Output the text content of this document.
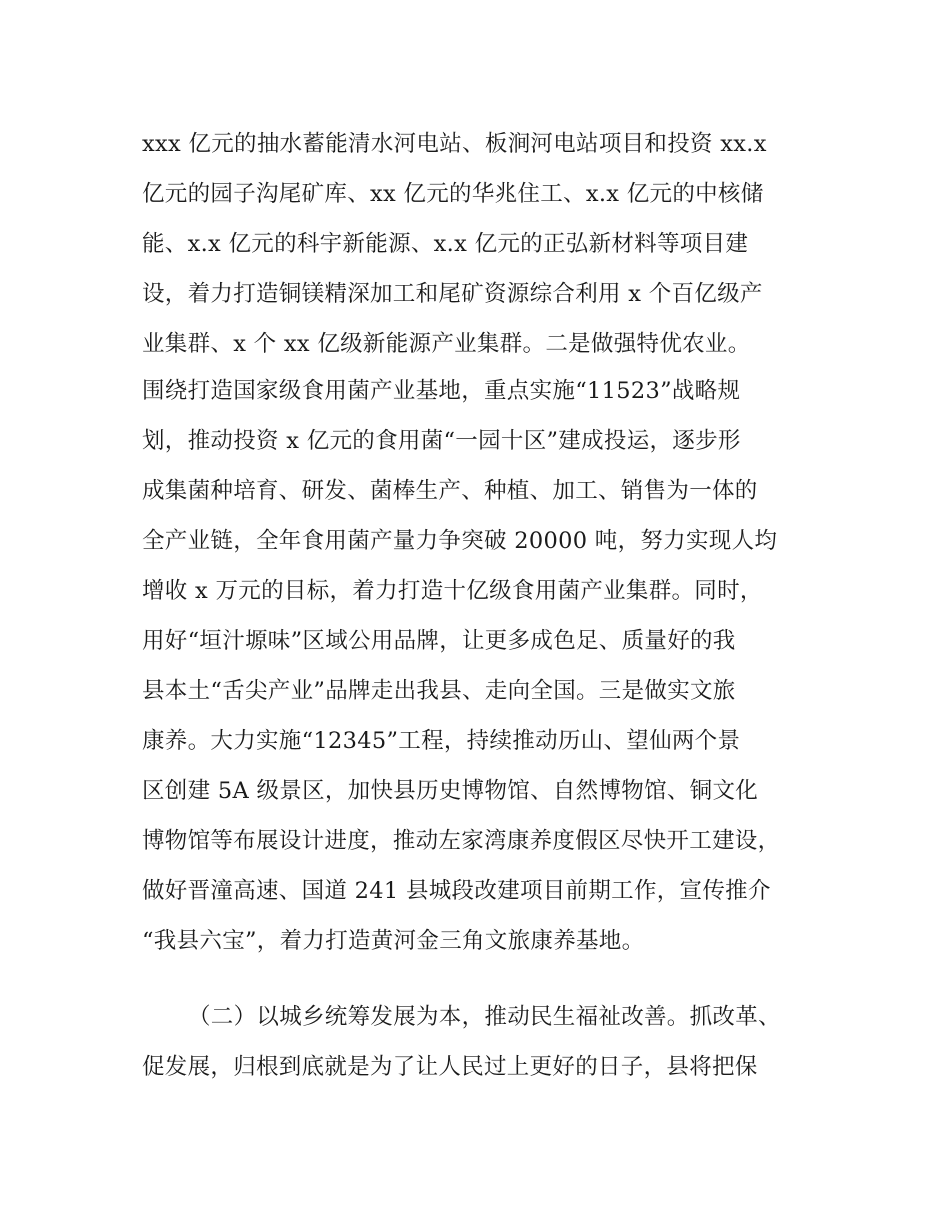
xxx 亿元的抽水蓄能清水河电站、板涧河电站项目和投资 xx.x
亿元的园子沟尾矿库、xx 亿元的华兆住工、x.x 亿元的中核储
能、x.x 亿元的科宇新能源、x.x 亿元的正弘新材料等项目建
设，着力打造铜镁精深加工和尾矿资源综合利用 x 个百亿级产
业集群、x 个 xx 亿级新能源产业集群。二是做强特优农业。
围绕打造国家级食用菌产业基地，重点实施“11523”战略规
划，推动投资 x 亿元的食用菌“一园十区”建成投运，逐步形
成集菌种培育、研发、菌棒生产、种植、加工、销售为一体的
全产业链，全年食用菌产量力争突破 20000 吨，努力实现人均
增收 x 万元的目标，着力打造十亿级食用菌产业集群。同时，
用好“垣汁塬味”区域公用品牌，让更多成色足、质量好的我
县本土“舌尖产业”品牌走出我县、走向全国。三是做实文旅
康养。大力实施“12345”工程，持续推动历山、望仙两个景
区创建 5A 级景区，加快县历史博物馆、自然博物馆、铜文化
博物馆等布展设计进度，推动左家湾康养度假区尽快开工建设，
做好晋潼高速、国道 241 县城段改建项目前期工作，宣传推介
“我县六宝”，着力打造黄河金三角文旅康养基地。
（二）以城乡统筹发展为本，推动民生福祉改善。抓改革、
促发展，归根到底就是为了让人民过上更好的日子，县将把保
